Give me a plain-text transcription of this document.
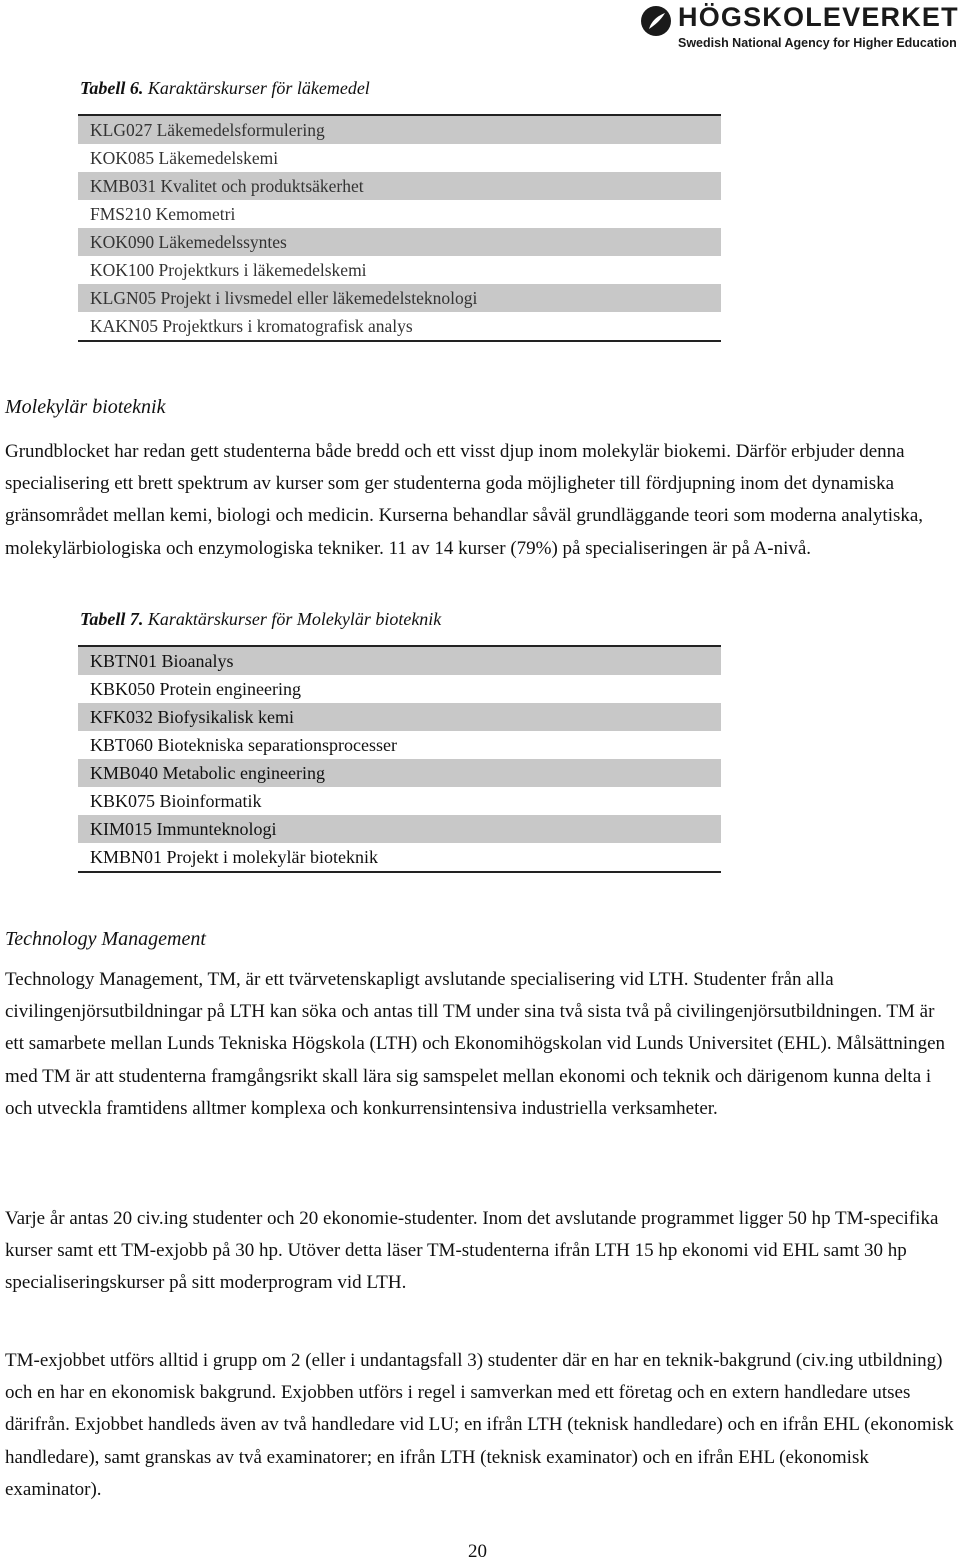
HÖGSKOLEVERKET
Swedish National Agency for Higher Education
Tabell 6. Karaktärskurser för läkemedel
KLG027 Läkemedelsformulering
KOK085 Läkemedelskemi
KMB031 Kvalitet och produktsäkerhet
FMS210 Kemometri
KOK090 Läkemedelssyntes
KOK100 Projektkurs i läkemedelskemi
KLGN05 Projekt i livsmedel eller läkemedelsteknologi
KAKN05 Projektkurs i kromatografisk analys
Molekylär bioteknik

Grundblocket har redan gett studenterna både bredd och ett visst djup inom molekylär biokemi. Därför erbjuder denna specialisering ett brett spektrum av kurser som ger studenterna goda möjligheter till fördjupning inom det dynamiska gränsområdet mellan kemi, biologi och medicin. Kurserna behandlar såväl grundläggande teori som moderna analytiska, molekylärbiologiska och enzymologiska tekniker. 11 av 14 kurser (79%) på specialiseringen är på A-nivå.

Tabell 7. Karaktärskurser för Molekylär bioteknik
KBTN01 Bioanalys
KBK050 Protein engineering
KFK032 Biofysikalisk kemi
KBT060 Biotekniska separationsprocesser
KMB040 Metabolic engineering
KBK075 Bioinformatik
KIM015 Immunteknologi
KMBN01 Projekt i molekylär bioteknik
Technology Management

Technology Management, TM, är ett tvärvetenskapligt avslutande specialisering vid LTH. Studenter från alla civilingenjörsutbildningar på LTH kan söka och antas till TM under sina två sista två på civilingenjörsutbildningen. TM är ett samarbete mellan Lunds Tekniska Högskola (LTH) och Ekonomihögskolan vid Lunds Universitet (EHL). Målsättningen med TM är att studenterna framgångsrikt skall lära sig samspelet mellan ekonomi och teknik och därigenom kunna delta i och utveckla framtidens alltmer komplexa och konkurrensintensiva industriella verksamheter.

Varje år antas 20 civ.ing studenter och 20 ekonomie-studenter. Inom det avslutande programmet ligger 50 hp TM-specifika kurser samt ett TM-exjobb på 30 hp. Utöver detta läser TM-studenterna ifrån LTH 15 hp ekonomi vid EHL samt 30 hp specialiseringskurser på sitt moderprogram vid LTH.

TM-exjobbet utförs alltid i grupp om 2 (eller i undantagsfall 3) studenter där en har en teknik-bakgrund (civ.ing utbildning) och en har en ekonomisk bakgrund. Exjobben utförs i regel i samverkan med ett företag och en extern handledare utses därifrån. Exjobbet handleds även av två handledare vid LU; en ifrån LTH (teknisk handledare) och en ifrån EHL (ekonomisk handledare), samt granskas av två examinatorer; en ifrån LTH (teknisk examinator) och en ifrån EHL (ekonomisk examinator).

20
